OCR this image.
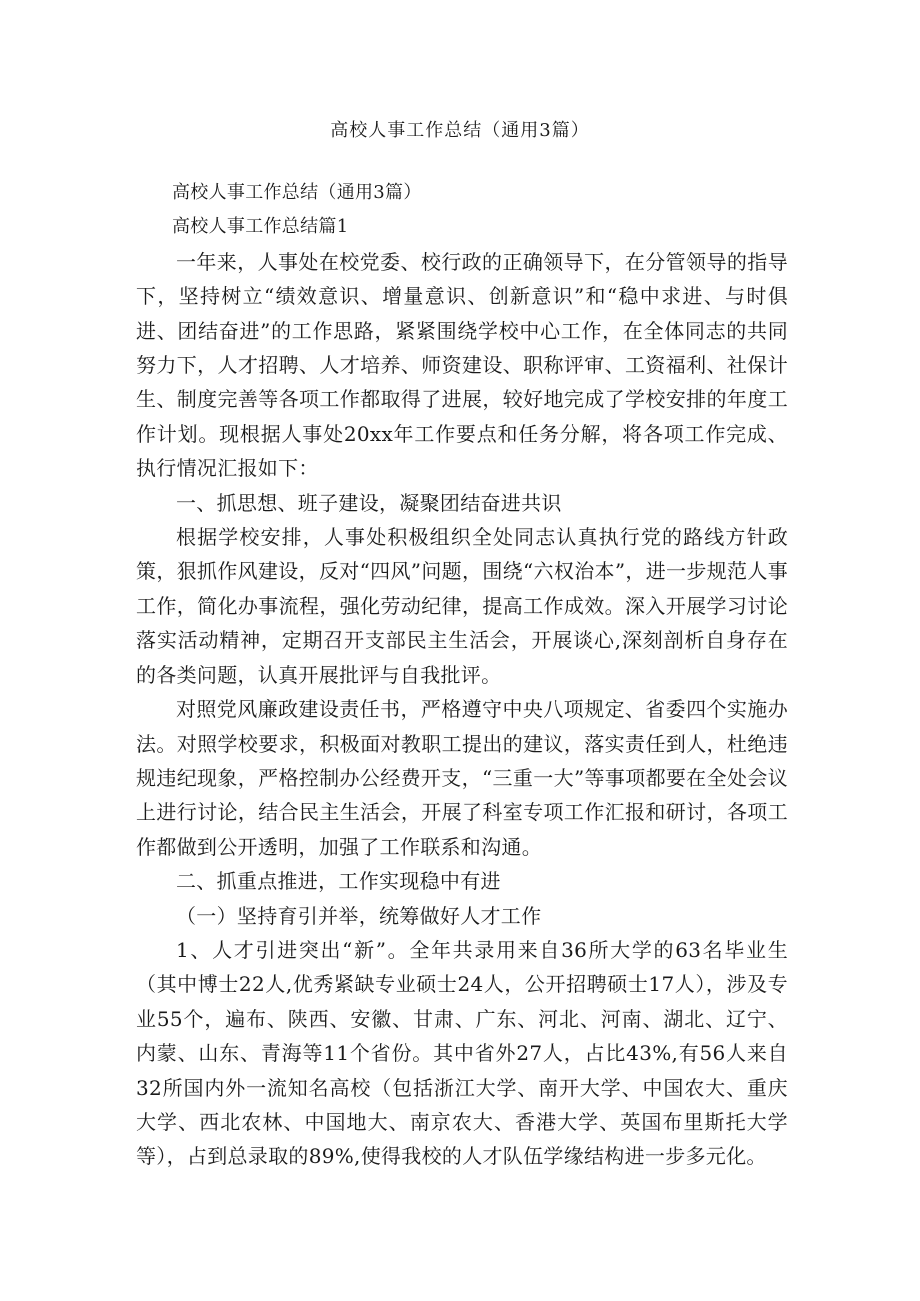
高校人事工作总结（通用3篇）

高校人事工作总结（通用3篇）

高校人事工作总结篇1

一年来，人事处在校党委、校行政的正确领导下，在分管领导的指导下，坚持树立“绩效意识、增量意识、创新意识”和“稳中求进、与时俱进、团结奋进”的工作思路，紧紧围绕学校中心工作，在全体同志的共同努力下，人才招聘、人才培养、师资建设、职称评审、工资福利、社保计生、制度完善等各项工作都取得了进展，较好地完成了学校安排的年度工作计划。现根据人事处20xx年工作要点和任务分解，将各项工作完成、执行情况汇报如下：

一、抓思想、班子建设，凝聚团结奋进共识

根据学校安排，人事处积极组织全处同志认真执行党的路线方针政策，狠抓作风建设，反对“四风”问题，围绕“六权治本”，进一步规范人事工作，简化办事流程，强化劳动纪律，提高工作成效。深入开展学习讨论落实活动精神，定期召开支部民主生活会，开展谈心,深刻剖析自身存在的各类问题，认真开展批评与自我批评。

对照党风廉政建设责任书，严格遵守中央八项规定、省委四个实施办法。对照学校要求，积极面对教职工提出的建议，落实责任到人，杜绝违规违纪现象，严格控制办公经费开支，“三重一大”等事项都要在全处会议上进行讨论，结合民主生活会，开展了科室专项工作汇报和研讨，各项工作都做到公开透明，加强了工作联系和沟通。

二、抓重点推进，工作实现稳中有进

（一）坚持育引并举，统筹做好人才工作

1、人才引进突出“新”。全年共录用来自36所大学的63名毕业生（其中博士22人,优秀紧缺专业硕士24人，公开招聘硕士17人），涉及专业55个，遍布、陕西、安徽、甘肃、广东、河北、河南、湖北、辽宁、内蒙、山东、青海等11个省份。其中省外27人，占比43%,有56人来自32所国内外一流知名高校（包括浙江大学、南开大学、中国农大、重庆大学、西北农林、中国地大、南京农大、香港大学、英国布里斯托大学等），占到总录取的89%,使得我校的人才队伍学缘结构进一步多元化。
